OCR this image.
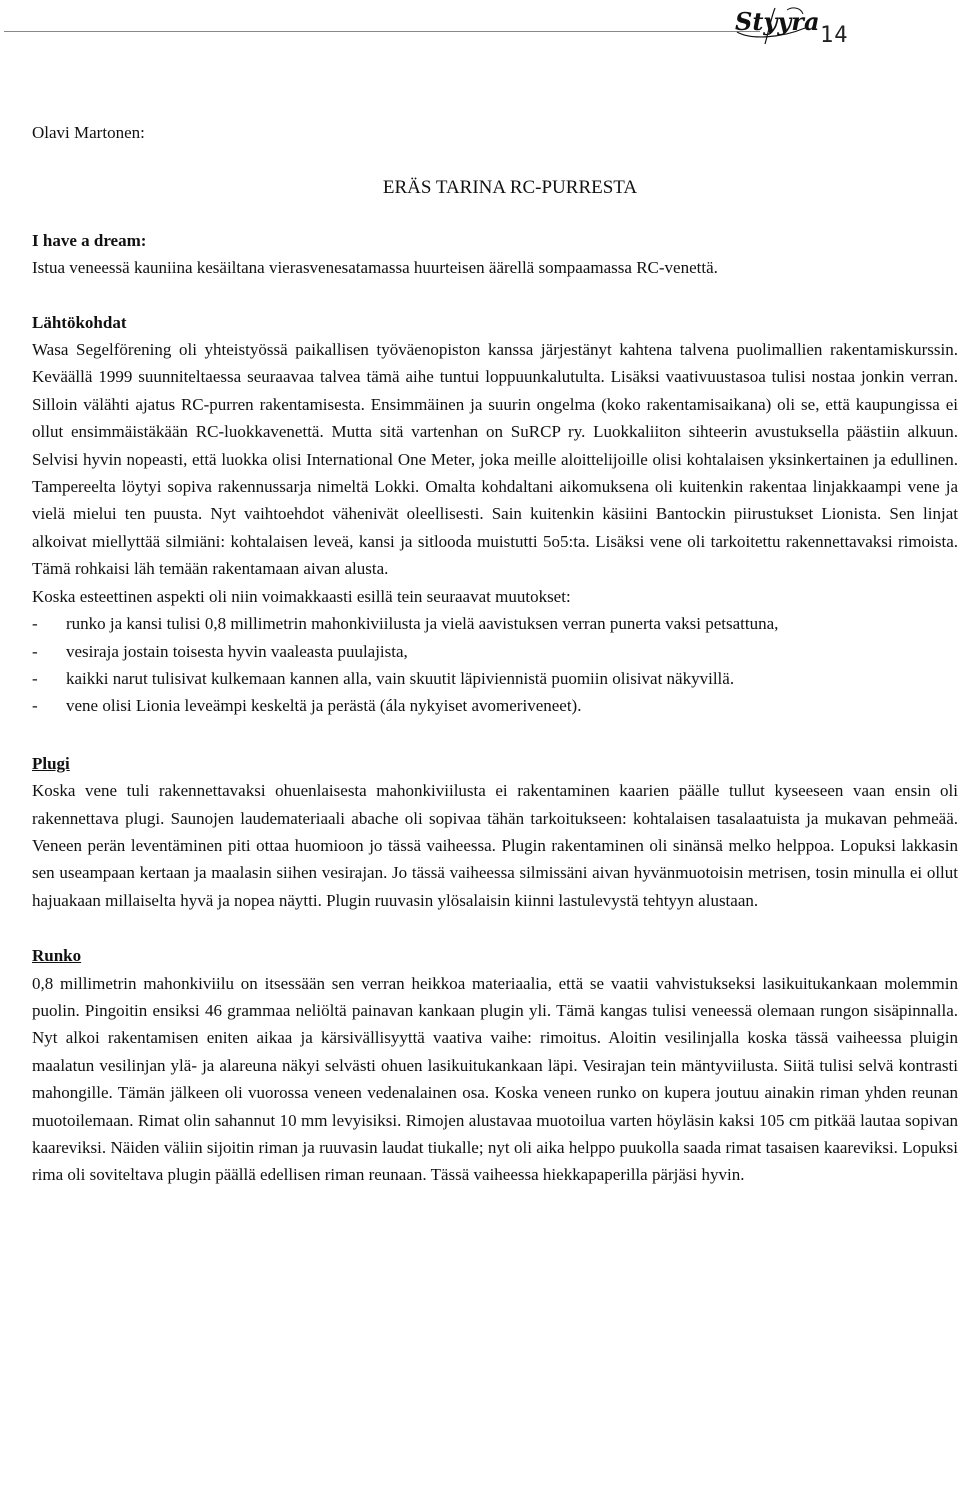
Styyra 14

Olavi Martonen:

ERÄS TARINA RC-PURRESTA

I have a dream:

Istua veneessä kauniina kesäiltana vierasvenesatamassa huurteisen äärellä sompaamassa RC-venettä.

Lähtökohdat

Wasa Segelförening oli yhteistyössä paikallisen työväenopiston kanssa järjestänyt kahtena talvena puolimallien rakentamiskurssin. Keväällä 1999 suunniteltaessa seuraavaa talvea tämä aihe tuntui loppuunkalutulta. Lisäksi vaativuustasoa tulisi nostaa jonkin verran. Silloin välähti ajatus RC-purren rakentamisesta. Ensimmäinen ja suurin ongelma (koko rakentamisaikana) oli se, että kaupungissa ei ollut ensimmäistäkään RC-luokkavenettä. Mutta sitä vartenhan on SuRCP ry. Luokkaliiton sihteerin avustuksella päästiin alkuun. Selvisi hyvin nopeasti, että luokka olisi International One Meter, joka meille aloittelijoille olisi kohtalaisen yksinkertainen ja edullinen. Tampereelta löytyi sopiva rakennussarja nimeltä Lokki. Omalta kohdaltani aikomuksena oli kuitenkin rakentaa linjakkaampi vene ja vielä mielui ten puusta. Nyt vaihtoehdot vähenivät oleellisesti. Sain kuitenkin käsiini Bantockin piirustukset Lionista. Sen linjat alkoivat miellyttää silmiäni: kohtalaisen leveä, kansi ja sitlooda muistutti 5o5:ta. Lisäksi vene oli tarkoitettu rakennettavaksi rimoista. Tämä rohkaisi läh temään rakentamaan aivan alusta.

Koska esteettinen aspekti oli niin voimakkaasti esillä tein seuraavat muutokset:

- runko ja kansi tulisi 0,8 millimetrin mahonkiviilusta ja vielä aavistuksen verran punerta vaksi petsattuna,
- vesiraja jostain toisesta hyvin vaaleasta puulajista,
- kaikki narut tulisivat kulkemaan kannen alla, vain skuutit läpiviennistä puomiin olisivat näkyvillä.
- vene olisi Lionia leveämpi keskeltä ja perästä (ála nykyiset avomeriveneet).

Plugi

Koska vene tuli rakennettavaksi ohuenlaisesta mahonkiviilusta ei rakentaminen kaarien päälle tullut kyseeseen vaan ensin oli rakennettava plugi. Saunojen laudemateriaali abache oli sopivaa tähän tarkoitukseen: kohtalaisen tasalaatuista ja mukavan pehmeää. Veneen perän leventäminen piti ottaa huomioon jo tässä vaiheessa. Plugin rakentaminen oli sinänsä melko helppoa. Lopuksi lakkasin sen useampaan kertaan ja maalasin siihen vesirajan. Jo tässä vaiheessa silmissäni aivan hyvänmuotoisin metrisen, tosin minulla ei ollut hajuakaan millaiselta hyvä ja nopea näytti. Plugin ruuvasin ylösalaisin kiinni lastulevystä tehtyyn alustaan.

Runko

0,8 millimetrin mahonkiviilu on itsessään sen verran heikkoa materiaalia, että se vaatii vahvistukseksi lasikuitukankaan molemmin puolin. Pingoitin ensiksi 46 grammaa neliöltä painavan kankaan plugin yli. Tämä kangas tulisi veneessä olemaan rungon sisäpinnalla. Nyt alkoi rakentamisen eniten aikaa ja kärsivällisyyttä vaativa vaihe: rimoitus. Aloitin vesilinjalla koska tässä vaiheessa pluigin maalatun vesilinjan ylä- ja alareuna näkyi selvästi ohuen lasikuitukankaan läpi. Vesirajan tein mäntyviilusta. Siitä tulisi selvä kontrasti mahongille. Tämän jälkeen oli vuorossa veneen vedenalainen osa. Koska veneen runko on kupera joutuu ainakin riman yhden reunan muotoilemaan. Rimat olin sahannut 10 mm levyisiksi. Rimojen alustavaa muotoilua varten höyläsin kaksi 105 cm pitkää lautaa sopivan kaareviksi. Näiden väliin sijoitin riman ja ruuvasin laudat tiukalle; nyt oli aika helppo puukolla saada rimat tasaisen kaareviksi. Lopuksi rima oli soviteltava plugin päällä edellisen riman reunaan. Tässä vaiheessa hiekkapaperilla pärjäsi hyvin.
